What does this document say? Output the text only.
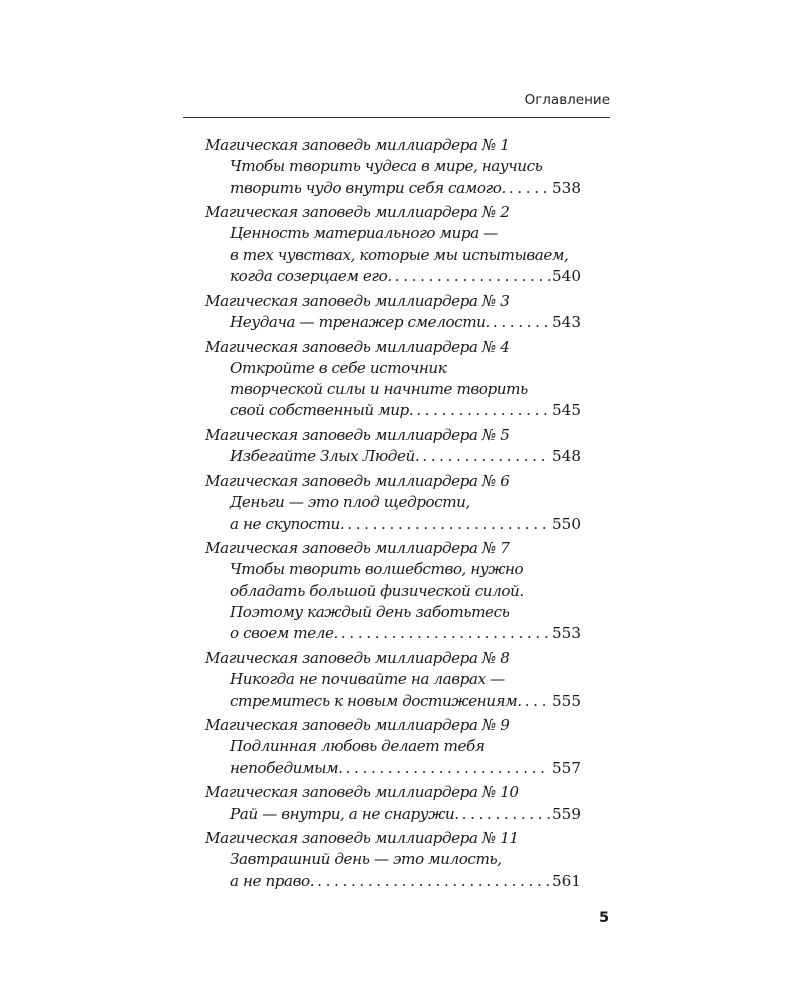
Оглавление
Магическая заповедь миллиардера № 1
Чтобы творить чудеса в мире, научись
творить чудо внутри себя самого. . . .	538
Магическая заповедь миллиардера № 2
Ценность материального мира —
в тех чувствах, которые мы испытываем,
когда созерцаем его. . . .	540
Магическая заповедь миллиардера № 3
Неудача — тренажер смелости. . . .	543
Магическая заповедь миллиардера № 4
Откройте в себе источник
творческой силы и начните творить
свой собственный мир. . . .	545
Магическая заповедь миллиардера № 5
Избегайте Злых Людей. . . .	548
Магическая заповедь миллиардера № 6
Деньги — это плод щедрости,
а не скупости. . . .	550
Магическая заповедь миллиардера № 7
Чтобы творить волшебство, нужно
обладать большой физической силой.
Поэтому каждый день заботьтесь
о своем теле. . . .	553
Магическая заповедь миллиардера № 8
Никогда не почивайте на лаврах —
стремитесь к новым достижениям. . . . 555
Магическая заповедь миллиардера № 9
Подлинная любовь делает тебя
непобедимым. . . .	557
Магическая заповедь миллиардера № 10
Рай — внутри, а не снаружи. . . .	559
Магическая заповедь миллиардера № 11
Завтрашний день — это милость,
а не право. . . .	561
5
